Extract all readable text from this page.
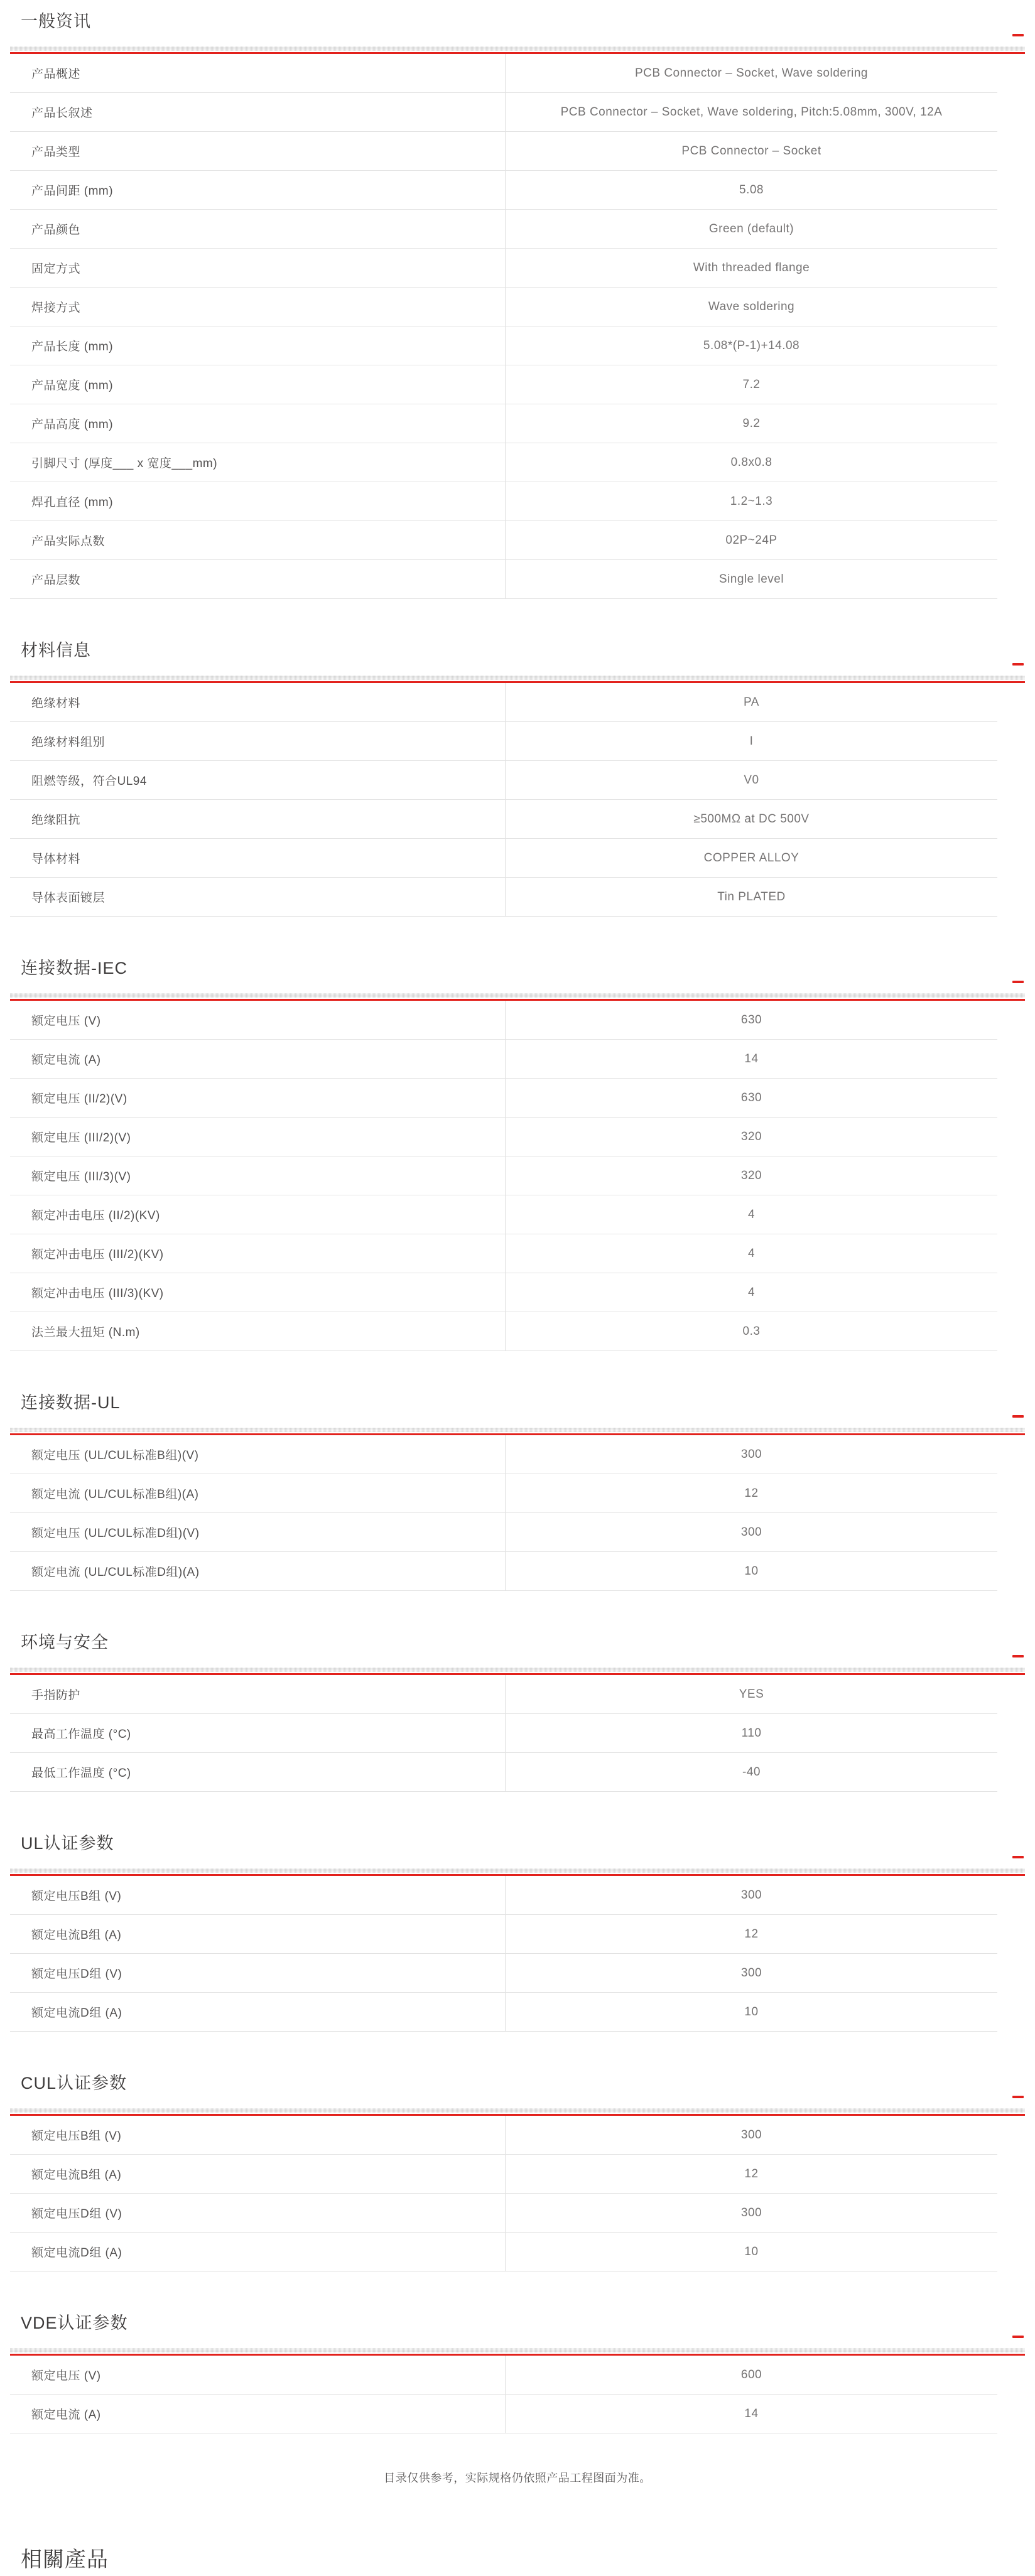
一般资讯
产品概述	PCB Connector – Socket, Wave soldering
产品长叙述	PCB Connector – Socket, Wave soldering, Pitch:5.08mm, 300V, 12A
产品类型	PCB Connector – Socket
产品间距 (mm)	5.08
产品颜色	Green (default)
固定方式	With threaded flange
焊接方式	Wave soldering
产品长度 (mm)	5.08*(P-1)+14.08
产品宽度 (mm)	7.2
产品高度 (mm)	9.2
引脚尺寸 (厚度___ x 宽度___mm)	0.8x0.8
焊孔直径 (mm)	1.2~1.3
产品实际点数	02P~24P
产品层数	Single level
材料信息
绝缘材料	PA
绝缘材料组别	I
阻燃等级，符合UL94	V0
绝缘阻抗	≥500MΩ at DC 500V
导体材料	COPPER ALLOY
导体表面镀层	Tin PLATED
连接数据-IEC
额定电压 (V)	630
额定电流 (A)	14
额定电压 (II/2)(V)	630
额定电压 (III/2)(V)	320
额定电压 (III/3)(V)	320
额定冲击电压 (II/2)(KV)	4
额定冲击电压 (III/2)(KV)	4
额定冲击电压 (III/3)(KV)	4
法兰最大扭矩 (N.m)	0.3
连接数据-UL
额定电压 (UL/CUL标准B组)(V)	300
额定电流 (UL/CUL标准B组)(A)	12
额定电压 (UL/CUL标准D组)(V)	300
额定电流 (UL/CUL标准D组)(A)	10
环境与安全
手指防护	YES
最高工作温度 (°C)	110
最低工作温度 (°C)	-40
UL认证参数
额定电压B组 (V)	300
额定电流B组 (A)	12
额定电压D组 (V)	300
额定电流D组 (A)	10
CUL认证参数
额定电压B组 (V)	300
额定电流B组 (A)	12
额定电压D组 (V)	300
额定电流D组 (A)	10
VDE认证参数
额定电压 (V)	600
额定电流 (A)	14

目录仅供参考，实际规格仍依照产品工程图面为准。

相關產品
